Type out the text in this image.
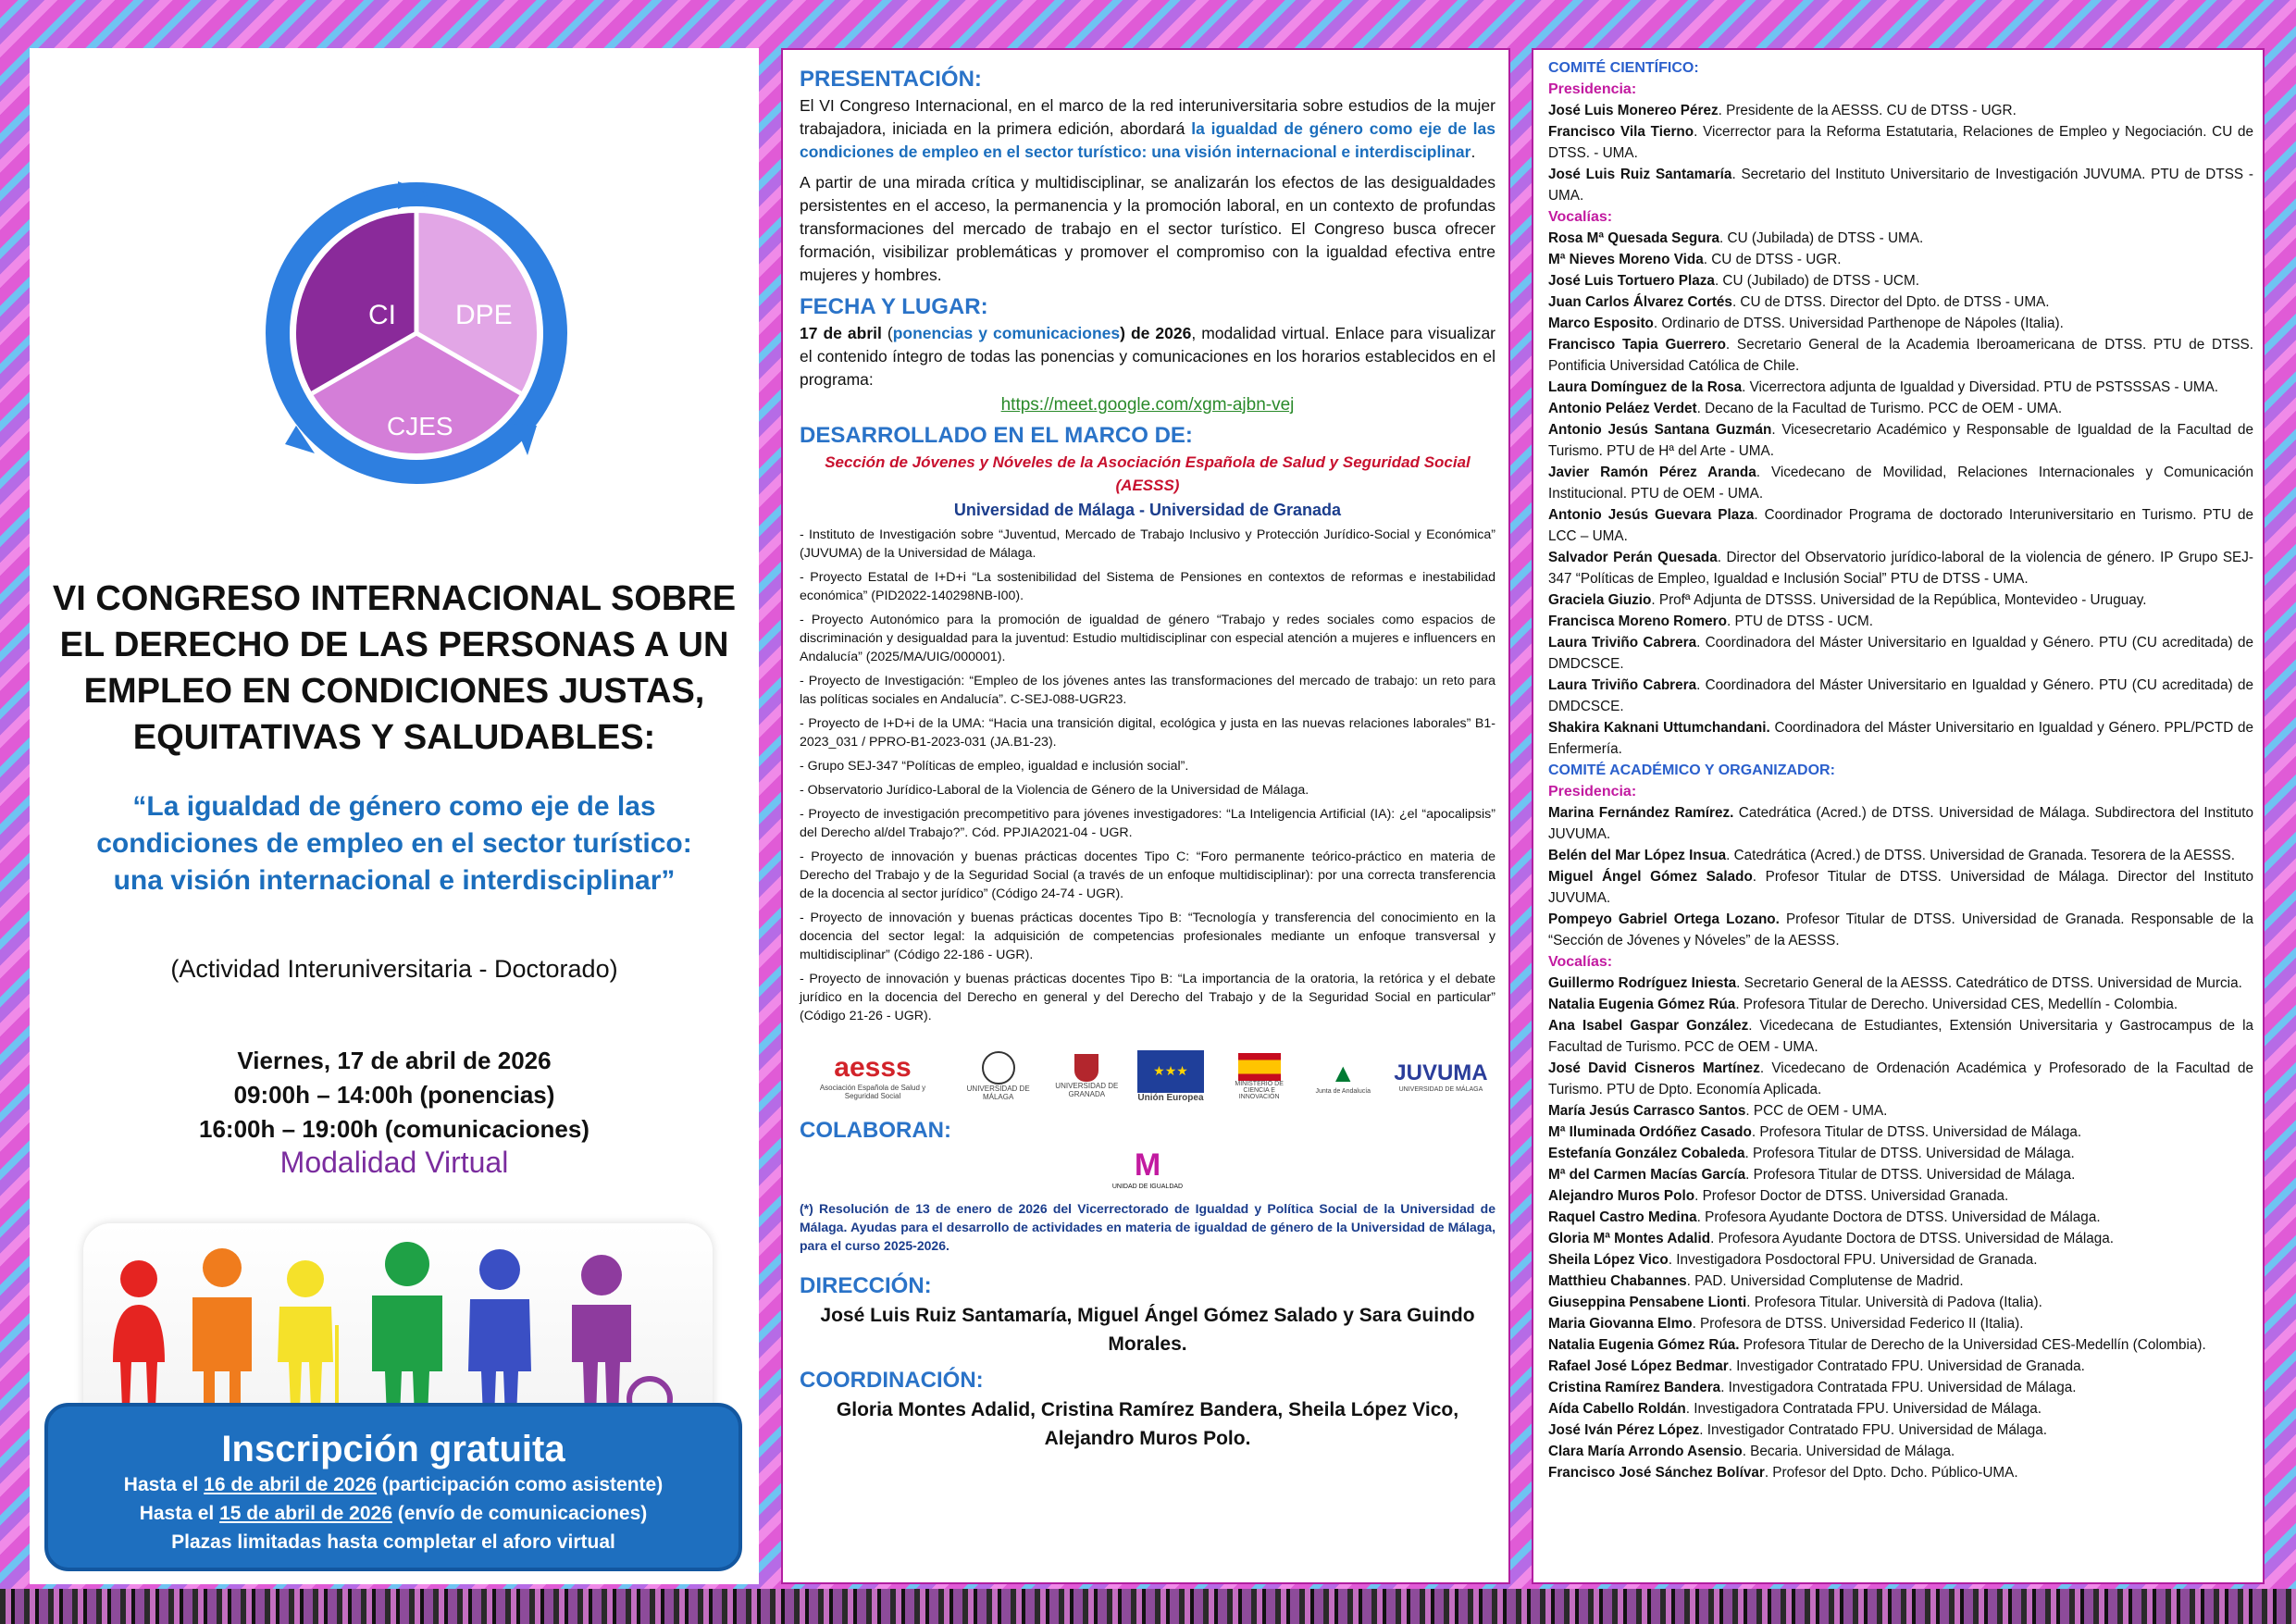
CI DPE
CJES
VI CONGRESO INTERNACIONAL SOBRE
EL DERECHO DE LAS PERSONAS A UN
EMPLEO EN CONDICIONES JUSTAS,
EQUITATIVAS Y SALUDABLES:
“La igualdad de género como eje de las
condiciones de empleo en el sector turístico:
una visión internacional e interdisciplinar”
(Actividad Interuniversitaria - Doctorado)
Viernes, 17 de abril de 2026
09:00h – 14:00h (ponencias)
16:00h – 19:00h (comunicaciones)
Modalidad Virtual
Inscripción gratuita
Hasta el 16 de abril de 2026 (participación como asistente)
Hasta el 15 de abril de 2026 (envío de comunicaciones)
Plazas limitadas hasta completar el aforo virtual
PRESENTACIÓN:
El VI Congreso Internacional, en el marco de la red interuniversitaria sobre estudios de la mujer trabajadora, iniciada en la primera edición, abordará la igualdad de género como eje de las condiciones de empleo en el sector turístico: una visión internacional e interdisciplinar.
A partir de una mirada crítica y multidisciplinar, se analizarán los efectos de las desigualdades persistentes en el acceso, la permanencia y la promoción laboral, en un contexto de profundas transformaciones del mercado de trabajo en el sector turístico. El Congreso busca ofrecer formación, visibilizar problemáticas y promover el compromiso con la igualdad efectiva entre mujeres y hombres.
FECHA Y LUGAR:
17 de abril (ponencias y comunicaciones) de 2026, modalidad virtual. Enlace para visualizar el contenido íntegro de todas las ponencias y comunicaciones en los horarios establecidos en el programa:
https://meet.google.com/xgm-ajbn-vej
DESARROLLADO EN EL MARCO DE:
Sección de Jóvenes y Nóveles de la Asociación Española de Salud y Seguridad Social (AESSS)
Universidad de Málaga - Universidad de Granada
- Instituto de Investigación sobre “Juventud, Mercado de Trabajo Inclusivo y Protección Jurídico-Social y Económica” (JUVUMA) de la Universidad de Málaga.
- Proyecto Estatal de I+D+i “La sostenibilidad del Sistema de Pensiones en contextos de reformas e inestabilidad económica” (PID2022-140298NB-I00).
- Proyecto Autonómico para la promoción de igualdad de género “Trabajo y redes sociales como espacios de discriminación y desigualdad para la juventud: Estudio multidisciplinar con especial atención a mujeres e influencers en Andalucía” (2025/MA/UIG/000001).
- Proyecto de Investigación: “Empleo de los jóvenes antes las transformaciones del mercado de trabajo: un reto para las políticas sociales en Andalucía”. C-SEJ-088-UGR23.
- Proyecto de I+D+i de la UMA: “Hacia una transición digital, ecológica y justa en las nuevas relaciones laborales” B1-2023_031 / PPRO-B1-2023-031 (JA.B1-23).
- Grupo SEJ-347 “Políticas de empleo, igualdad e inclusión social”.
- Observatorio Jurídico-Laboral de la Violencia de Género de la Universidad de Málaga.
- Proyecto de investigación precompetitivo para jóvenes investigadores: “La Inteligencia Artificial (IA): ¿el “apocalipsis” del Derecho al/del Trabajo?”. Cód. PPJIA2021-04 - UGR.
- Proyecto de innovación y buenas prácticas docentes Tipo C: “Foro permanente teórico-práctico en materia de Derecho del Trabajo y de la Seguridad Social (a través de un enfoque multidisciplinar): por una correcta transferencia de la docencia al sector jurídico” (Código 24-74 - UGR).
- Proyecto de innovación y buenas prácticas docentes Tipo B: “Tecnología y transferencia del conocimiento en la docencia del sector legal: la adquisición de competencias profesionales mediante un enfoque transversal y multidisciplinar” (Código 22-186 - UGR).
- Proyecto de innovación y buenas prácticas docentes Tipo B: “La importancia de la oratoria, la retórica y el debate jurídico en la docencia del Derecho en general y del Derecho del Trabajo y de la Seguridad Social en particular” (Código 21-26 - UGR).
aesss
Asociación Española de Salud y Seguridad Social
UNIVERSIDAD DE MÁLAGA
UNIVERSIDAD DE GRANADA
★★★
Unión Europea
MINISTERIO DE CIENCIA E INNOVACIÓN
▲
Junta de Andalucía
JUVUMA
UNIVERSIDAD DE MÁLAGA
COLABORAN:
M
UNIDAD DE IGUALDAD
(*) Resolución de 13 de enero de 2026 del Vicerrectorado de Igualdad y Política Social de la Universidad de Málaga. Ayudas para el desarrollo de actividades en materia de igualdad de género de la Universidad de Málaga, para el curso 2025-2026.
DIRECCIÓN:
José Luis Ruiz Santamaría, Miguel Ángel Gómez Salado y Sara Guindo Morales.
COORDINACIÓN:
Gloria Montes Adalid, Cristina Ramírez Bandera, Sheila López Vico, Alejandro Muros Polo.
COMITÉ CIENTÍFICO:
Presidencia:
José Luis Monereo Pérez. Presidente de la AESSS. CU de DTSS - UGR.
Francisco Vila Tierno. Vicerrector para la Reforma Estatutaria, Relaciones de Empleo y Negociación. CU de DTSS. - UMA.
José Luis Ruiz Santamaría. Secretario del Instituto Universitario de Investigación JUVUMA. PTU de DTSS - UMA.
Vocalías:
Rosa Mª Quesada Segura. CU (Jubilada) de DTSS - UMA.
Mª Nieves Moreno Vida. CU de DTSS - UGR.
José Luis Tortuero Plaza. CU (Jubilado) de DTSS - UCM.
Juan Carlos Álvarez Cortés. CU de DTSS. Director del Dpto. de DTSS - UMA.
Marco Esposito. Ordinario de DTSS. Universidad Parthenope de Nápoles (Italia).
Francisco Tapia Guerrero. Secretario General de la Academia Iberoamericana de DTSS. PTU de DTSS. Pontificia Universidad Católica de Chile.
Laura Domínguez de la Rosa. Vicerrectora adjunta de Igualdad y Diversidad. PTU de PSTSSSAS - UMA.
Antonio Peláez Verdet. Decano de la Facultad de Turismo. PCC de OEM - UMA.
Antonio Jesús Santana Guzmán. Vicesecretario Académico y Responsable de Igualdad de la Facultad de Turismo. PTU de Hª del Arte - UMA.
Javier Ramón Pérez Aranda. Vicedecano de Movilidad, Relaciones Internacionales y Comunicación Institucional. PTU de OEM - UMA.
Antonio Jesús Guevara Plaza. Coordinador Programa de doctorado Interuniversitario en Turismo. PTU de LCC – UMA.
Salvador Perán Quesada. Director del Observatorio jurídico-laboral de la violencia de género. IP Grupo SEJ-347 “Políticas de Empleo, Igualdad e Inclusión Social” PTU de DTSS - UMA.
Graciela Giuzio. Profª Adjunta de DTSSS. Universidad de la República, Montevideo - Uruguay.
Francisca Moreno Romero. PTU de DTSS - UCM.
Laura Triviño Cabrera. Coordinadora del Máster Universitario en Igualdad y Género. PTU (CU acreditada) de DMDCSCE.
Laura Triviño Cabrera. Coordinadora del Máster Universitario en Igualdad y Género. PTU (CU acreditada) de DMDCSCE.
Shakira Kaknani Uttumchandani. Coordinadora del Máster Universitario en Igualdad y Género. PPL/PCTD de Enfermería.
COMITÉ ACADÉMICO Y ORGANIZADOR:
Presidencia:
Marina Fernández Ramírez. Catedrática (Acred.) de DTSS. Universidad de Málaga. Subdirectora del Instituto JUVUMA.
Belén del Mar López Insua. Catedrática (Acred.) de DTSS. Universidad de Granada. Tesorera de la AESSS.
Miguel Ángel Gómez Salado. Profesor Titular de DTSS. Universidad de Málaga. Director del Instituto JUVUMA.
Pompeyo Gabriel Ortega Lozano. Profesor Titular de DTSS. Universidad de Granada. Responsable de la “Sección de Jóvenes y Nóveles” de la AESSS.
Vocalías:
Guillermo Rodríguez Iniesta. Secretario General de la AESSS. Catedrático de DTSS. Universidad de Murcia.
Natalia Eugenia Gómez Rúa. Profesora Titular de Derecho. Universidad CES, Medellín - Colombia.
Ana Isabel Gaspar González. Vicedecana de Estudiantes, Extensión Universitaria y Gastrocampus de la Facultad de Turismo. PCC de OEM - UMA.
José David Cisneros Martínez. Vicedecano de Ordenación Académica y Profesorado de la Facultad de Turismo. PTU de Dpto. Economía Aplicada.
María Jesús Carrasco Santos. PCC de OEM - UMA.
Mª Iluminada Ordóñez Casado. Profesora Titular de DTSS. Universidad de Málaga.
Estefanía González Cobaleda. Profesora Titular de DTSS. Universidad de Málaga.
Mª del Carmen Macías García. Profesora Titular de DTSS. Universidad de Málaga.
Alejandro Muros Polo. Profesor Doctor de DTSS. Universidad Granada.
Raquel Castro Medina. Profesora Ayudante Doctora de DTSS. Universidad de Málaga.
Gloria Mª Montes Adalid. Profesora Ayudante Doctora de DTSS. Universidad de Málaga.
Sheila López Vico. Investigadora Posdoctoral FPU. Universidad de Granada.
Matthieu Chabannes. PAD. Universidad Complutense de Madrid.
Giuseppina Pensabene Lionti. Profesora Titular. Università di Padova (Italia).
Maria Giovanna Elmo. Profesora de DTSS. Universidad Federico II (Italia).
Natalia Eugenia Gómez Rúa. Profesora Titular de Derecho de la Universidad CES-Medellín (Colombia).
Rafael José López Bedmar. Investigador Contratado FPU. Universidad de Granada.
Cristina Ramírez Bandera. Investigadora Contratada FPU. Universidad de Málaga.
Aída Cabello Roldán. Investigadora Contratada FPU. Universidad de Málaga.
José Iván Pérez López. Investigador Contratado FPU. Universidad de Málaga.
Clara María Arrondo Asensio. Becaria. Universidad de Málaga.
Francisco José Sánchez Bolívar. Profesor del Dpto. Dcho. Público-UMA.
